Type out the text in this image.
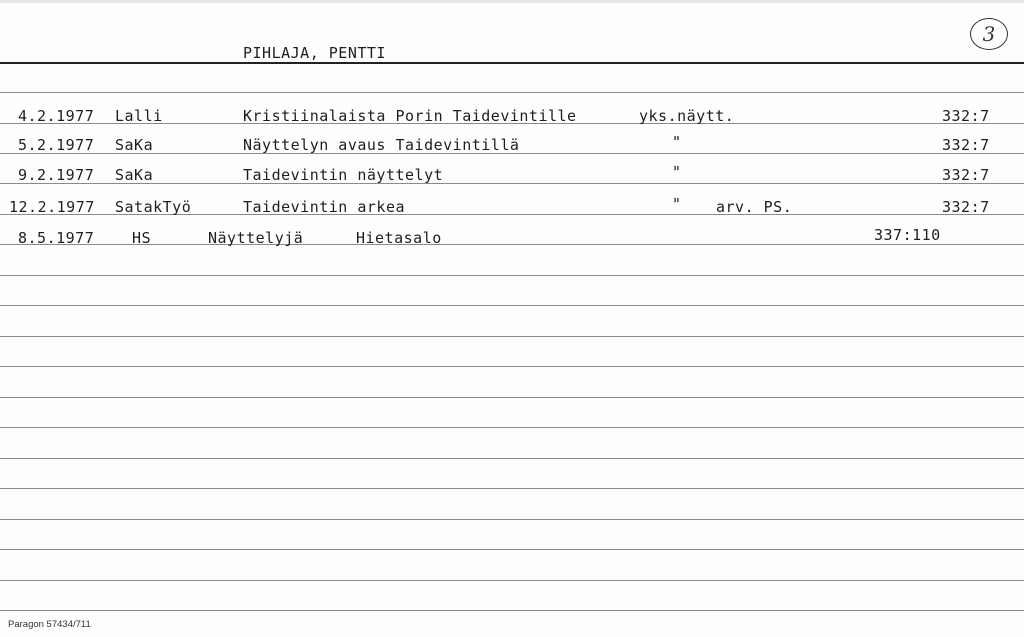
3
PIHLAJA, PENTTI
4.2.1977 Lalli	Kristiinalaista Porin Taidevintille	yks.näytt.	332:7
5.2.1977 SaKa	Näyttelyn avaus Taidevintillä	"	332:7
9.2.1977 SaKa	Taidevintin näyttelyt	"	332:7
12.2.1977 SatakTyö	Taidevintin arkea	" arv. PS.	332:7
8.5.1977	HS	Näyttelyjä	Hietasalo	337:110
Paragon 57434/711
